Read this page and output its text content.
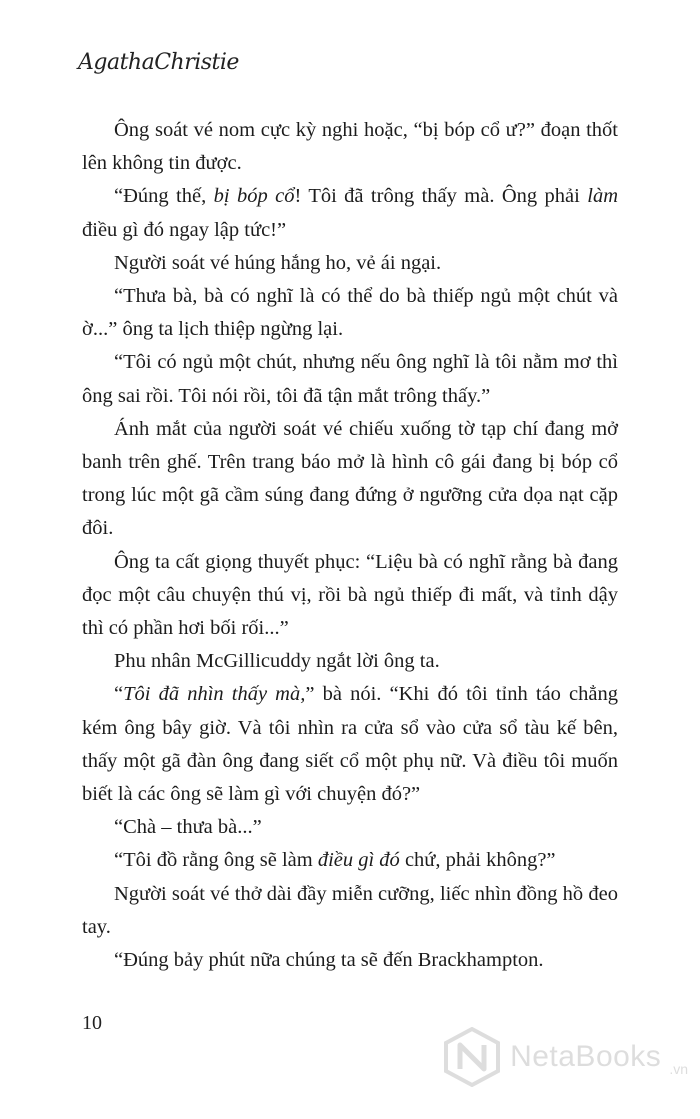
AgathaChristie

Ông soát vé nom cực kỳ nghi hoặc, “bị bóp cổ ư?” đoạn thốt lên không tin được.

“Đúng thế, bị bóp cổ! Tôi đã trông thấy mà. Ông phải làm điều gì đó ngay lập tức!”

Người soát vé húng hắng ho, vẻ ái ngại.

“Thưa bà, bà có nghĩ là có thể do bà thiếp ngủ một chút và ờ...” ông ta lịch thiệp ngừng lại.

“Tôi có ngủ một chút, nhưng nếu ông nghĩ là tôi nằm mơ thì ông sai rồi. Tôi nói rồi, tôi đã tận mắt trông thấy.”

Ánh mắt của người soát vé chiếu xuống tờ tạp chí đang mở banh trên ghế. Trên trang báo mở là hình cô gái đang bị bóp cổ trong lúc một gã cầm súng đang đứng ở ngưỡng cửa dọa nạt cặp đôi.

Ông ta cất giọng thuyết phục: “Liệu bà có nghĩ rằng bà đang đọc một câu chuyện thú vị, rồi bà ngủ thiếp đi mất, và tỉnh dậy thì có phần hơi bối rối...”

Phu nhân McGillicuddy ngắt lời ông ta.

“Tôi đã nhìn thấy mà,” bà nói. “Khi đó tôi tỉnh táo chẳng kém ông bây giờ. Và tôi nhìn ra cửa sổ vào cửa sổ tàu kế bên, thấy một gã đàn ông đang siết cổ một phụ nữ. Và điều tôi muốn biết là các ông sẽ làm gì với chuyện đó?”

“Chà – thưa bà...”

“Tôi đồ rằng ông sẽ làm điều gì đó chứ, phải không?”

Người soát vé thở dài đầy miễn cưỡng, liếc nhìn đồng hồ đeo tay.

“Đúng bảy phút nữa chúng ta sẽ đến Brackhampton.

10
NetaBooks .vn
